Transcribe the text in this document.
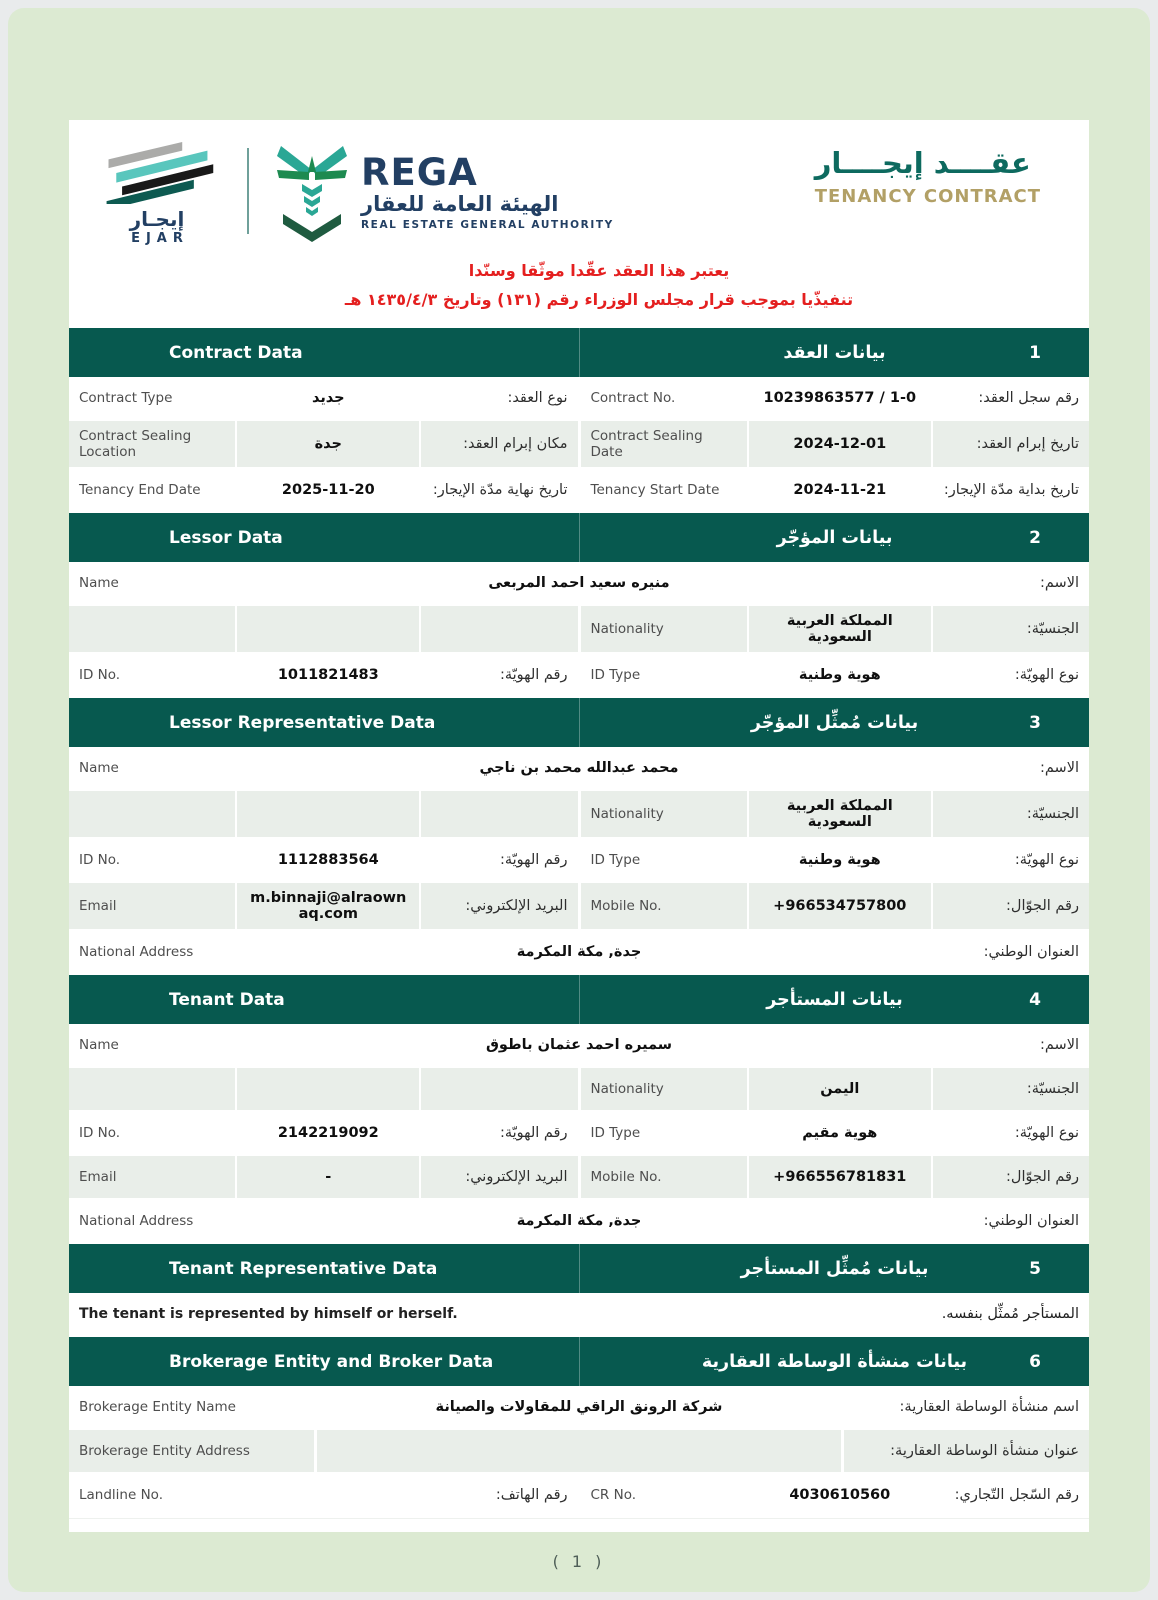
إيجـار
EJAR
REGA
الهيئة العامة للعقار
REAL ESTATE GENERAL AUTHORITY
عقــــد إيجــــار
TENANCY CONTRACT
يعتبر هذا العقد عقّدا موثّقا وسنّدا
تنفيذّيا بموجب قرار مجلس الوزراء رقم (١٣١) وتاريخ ١٤٣٥/٤/٣ هـ
1
بيانات العقد
Contract Data
رقم سجل العقد:
10239863577 / 1-0
Contract No.
نوع العقد:
جديد
Contract Type
تاريخ إبرام العقد:
2024-12-01
Contract Sealing Date
مكان إبرام العقد:
جدة
Contract Sealing Location
تاريخ بداية مدّة الإيجار:
2024-11-21
Tenancy Start Date
تاريخ نهاية مدّة الإيجار:
2025-11-20
Tenancy End Date
2
بيانات المؤجّر
Lessor Data
الاسم:
منيره سعيد احمد المربعى
Name
الجنسيّة:
المملكة العربية السعودية
Nationality
نوع الهويّة:
هوية وطنية
ID Type
رقم الهويّة:
1011821483
ID No.
3
بيانات مُمثِّل المؤجّر
Lessor Representative Data
الاسم:
محمد عبدالله محمد بن ناجي
Name
الجنسيّة:
المملكة العربية السعودية
Nationality
نوع الهويّة:
هوية وطنية
ID Type
رقم الهويّة:
1112883564
ID No.
رقم الجوّال:
+966534757800
Mobile No.
البريد الإلكتروني:
m.binnaji@alraownaq.com
Email
العنوان الوطني:
جدة, مكة المكرمة
National Address
4
بيانات المستأجر
Tenant Data
الاسم:
سميره احمد عثمان باطوق
Name
الجنسيّة:
اليمن
Nationality
نوع الهويّة:
هوية مقيم
ID Type
رقم الهويّة:
2142219092
ID No.
رقم الجوّال:
+966556781831
Mobile No.
البريد الإلكتروني:
-
Email
العنوان الوطني:
جدة, مكة المكرمة
National Address
5
بيانات مُمثِّل المستأجر
Tenant Representative Data
المستأجر مُمثِّل بنفسه.
The tenant is represented by himself or herself.
6
بيانات منشأة الوساطة العقارية
Brokerage Entity and Broker Data
اسم منشأة الوساطة العقارية:
شركة الرونق الراقي للمقاولات والصيانة
Brokerage Entity Name
عنوان منشأة الوساطة العقارية:
Brokerage Entity Address
رقم السّجل التّجاري:
4030610560
CR No.
رقم الهاتف:
Landline No.
( 1 )
